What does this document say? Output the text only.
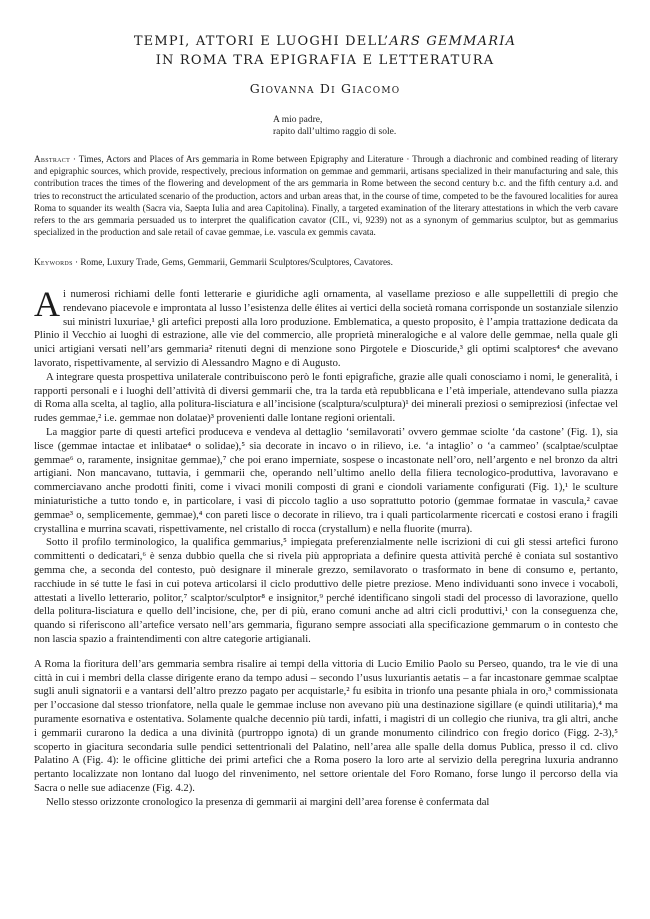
TEMPI, ATTORI E LUOGHI DELL’ARS GEMMARIA
IN ROMA TRA EPIGRAFIA E LETTERATURA
Giovanna Di Giacomo
A mio padre,
rapito dall’ultimo raggio di sole.
Abstract · Times, Actors and Places of Ars gemmaria in Rome between Epigraphy and Literature · Through a diachronic and combined reading of literary and epigraphic sources, which provide, respectively, precious information on gemmae and gemmarii, artisans specialized in their manufacturing and sale, this contribution traces the times of the flowering and development of the ars gemmaria in Rome between the second century b.c. and the fifth century a.d. and tries to reconstruct the articulated scenario of the production, actors and urban areas that, in the course of time, competed to be the favoured localities for aurea Roma to squander its wealth (Sacra via, Saepta Iulia and area Capitolina). Finally, a targeted examination of the literary attestations in which the verb cavare refers to the ars gemmaria persuaded us to interpret the qualification cavator (CIL, vi, 9239) not as a synonym of gemmarius sculptor, but as gemmarius specialized in the production and sale retail of cavae gemmae, i.e. vascula ex gemmis cavata.
Keywords · Rome, Luxury Trade, Gems, Gemmarii, Gemmarii Sculptores/Sculptores, Cavatores.

Ai numerosi richiami delle fonti letterarie e giuridiche agli ornamenta, al vasellame prezioso e alle suppellettili di pregio che rendevano piacevole e improntata al lusso l’esistenza delle élites ai vertici della società romana corrisponde un sostanziale silenzio sui ministri luxuriae,¹ gli artefici preposti alla loro produzione. Emblematica, a questo proposito, è l’ampia trattazione dedicata da Plinio il Vecchio ai luoghi di estrazione, alle vie del commercio, alle proprietà mineralogiche e al valore delle gemmae, nella quale gli unici artigiani versati nell’ars gemmaria² ritenuti degni di menzione sono Pirgotele e Dioscuride,³ gli optimi scalptores⁴ che avevano lavorato, rispettivamente, al servizio di Alessandro Magno e di Augusto.

A integrare questa prospettiva unilaterale contribuiscono però le fonti epigrafiche, grazie alle quali conosciamo i nomi, le generalità, i rapporti personali e i luoghi dell’attività di diversi gemmarii che, tra la tarda età repubblicana e l’età imperiale, attendevano sulla piazza di Roma alla scelta, al taglio, alla politura-lisciatura e all’incisione (scalptura/sculptura)¹ dei minerali preziosi o semipreziosi (infectae vel rudes gemmae,² i.e. gemmae non dolatae)³ provenienti dalle lontane regioni orientali.

La maggior parte di questi artefici produceva e vendeva al dettaglio ‘semilavorati’ ovvero gemmae sciolte ‘da castone’ (Fig. 1), sia lisce (gemmae intactae et inlibatae⁴ o solidae),⁵ sia decorate in incavo o in rilievo, i.e. ‘a intaglio’ o ‘a cammeo’ (scalptae/sculptae gemmae⁶ o, raramente, insignitae gemmae),⁷ che poi erano imperniate, sospese o incastonate nell’oro, nell’argento e nel bronzo da altri artigiani. Non mancavano, tuttavia, i gemmarii che, operando nell’ultimo anello della filiera tecnologico-produttiva, lavoravano e commerciavano anche prodotti finiti, come i vivaci monili composti di grani e ciondoli variamente configurati (Fig. 1),¹ le sculture miniaturistiche a tutto tondo e, in particolare, i vasi di piccolo taglio a uso soprattutto potorio (gemmae formatae in vascula,² cavae gemmae³ o, semplicemente, gemmae),⁴ con pareti lisce o decorate in rilievo, tra i quali particolarmente ricercati e costosi erano i fragili crystallina e murrina scavati, rispettivamente, nel cristallo di rocca (crystallum) e nella fluorite (murra).

Sotto il profilo terminologico, la qualifica gemmarius,⁵ impiegata preferenzialmente nelle iscrizioni di cui gli stessi artefici furono committenti o dedicatari,⁶ è senza dubbio quella che si rivela più appropriata a definire questa attività perché è coniata sul sostantivo gemma che, a seconda del contesto, può designare il minerale grezzo, semilavorato o trasformato in bene di consumo e, pertanto, racchiude in sé tutte le fasi in cui poteva articolarsi il ciclo produttivo delle pietre preziose. Meno individuanti sono invece i vocaboli, attestati a livello letterario, politor,⁷ scalptor/sculptor⁸ e insignitor,⁹ perché identificano singoli stadi del processo di lavorazione, quello della politura-lisciatura e quello dell’incisione, che, per di più, erano comuni anche ad altri cicli produttivi,¹ con la conseguenza che, quando si riferiscono all’artefice versato nell’ars gemmaria, figurano sempre associati alla specificazione gemmarum o in contesto che non lascia spazio a fraintendimenti con altre categorie artigianali.

A Roma la fioritura dell’ars gemmaria sembra risalire ai tempi della vittoria di Lucio Emilio Paolo su Perseo, quando, tra le vie di una città in cui i membri della classe dirigente erano da tempo adusi – secondo l’usus luxuriantis aetatis – a far incastonare gemmae scalptae sugli anuli signatorii e a vantarsi dell’altro prezzo pagato per acquistarle,² fu esibita in trionfo una pesante phiala in oro,³ commissionata per l’occasione dal stesso trionfatore, nella quale le gemmae incluse non avevano più una destinazione sigillare (e quindi utilitaria),⁴ ma puramente esornativa e ostentativa. Solamente qualche decennio più tardi, infatti, i magistri di un collegio che riuniva, tra gli altri, anche i gemmarii curarono la dedica a una divinità (purtroppo ignota) di un grande monumento cilindrico con fregio dorico (Figg. 2-3),⁵ scoperto in giacitura secondaria sulle pendici settentrionali del Palatino, nell’area alle spalle della domus Publica, presso il cd. clivo Palatino A (Fig. 4): le officine glittiche dei primi artefici che a Roma posero la loro arte al servizio della peregrina luxuria andranno pertanto localizzate non lontano dal luogo del rinvenimento, nel settore orientale del Foro Romano, forse lungo il percorso della via Sacra o nelle sue adiacenze (Fig. 4.2).

Nello stesso orizzonte cronologico la presenza di gemmarii ai margini dell’area forense è confermata dal
